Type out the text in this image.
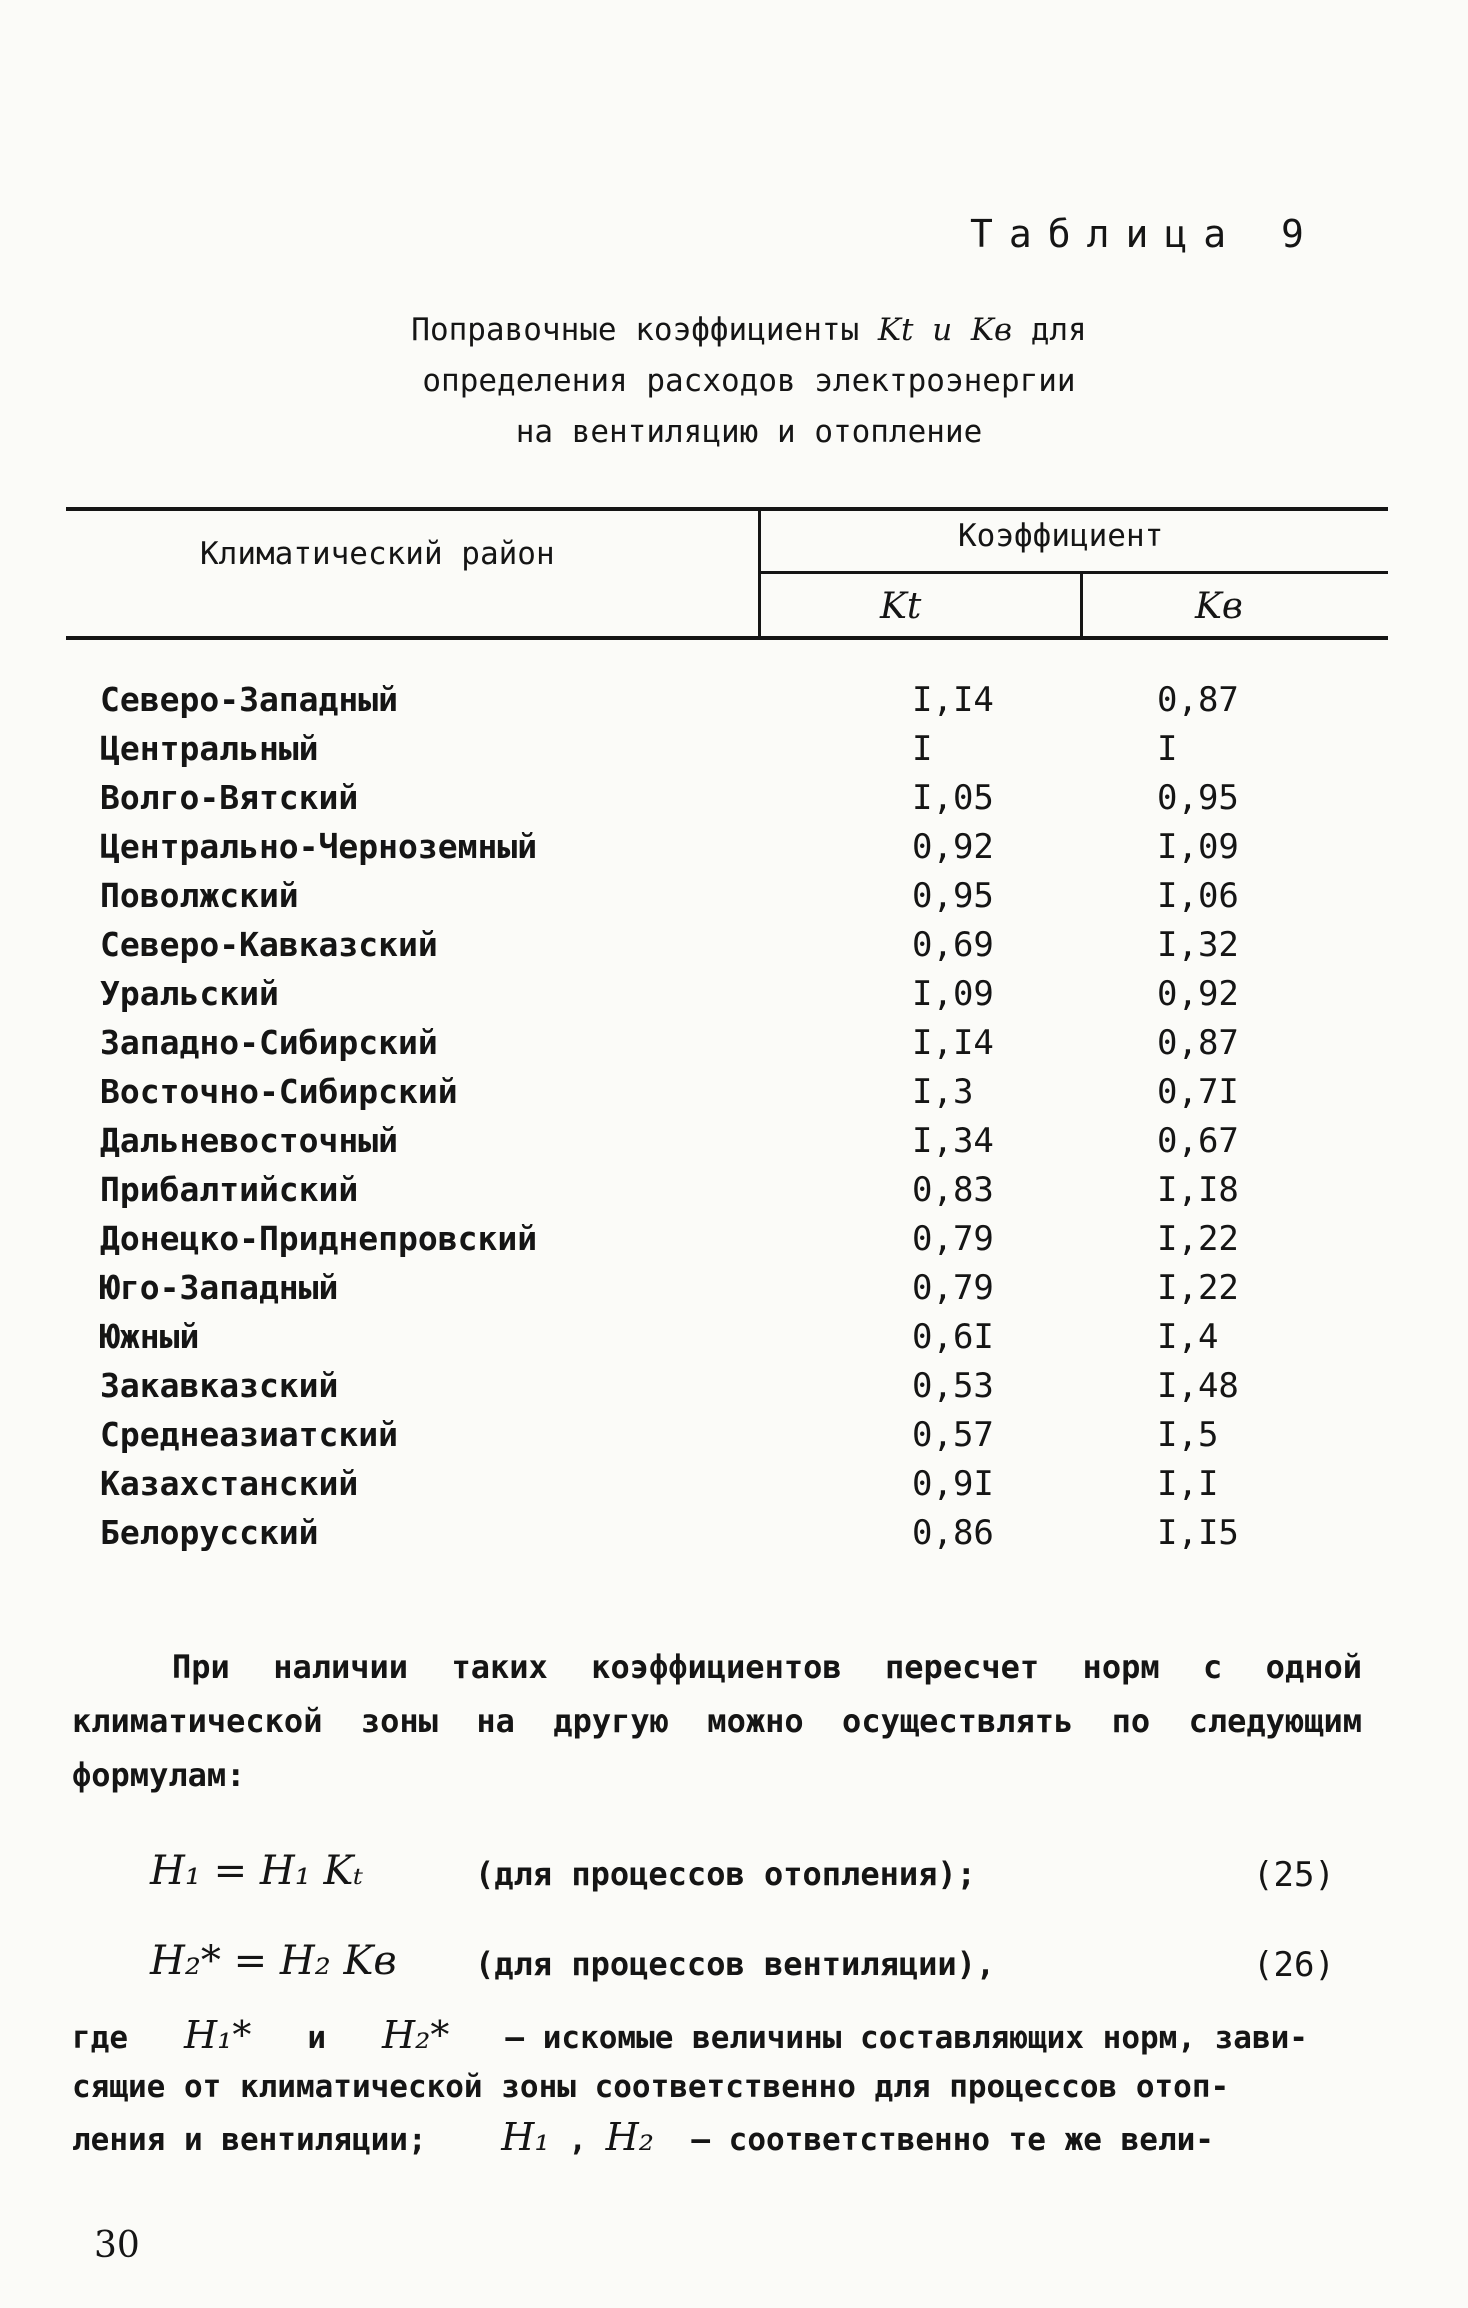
Таблица 9
Поправочные коэффициенты Kt и Kв для
определения расходов электроэнергии
на вентиляцию и отопление
Климатический район	Коэффициент
Kt	Kв
Северо-Западный	I,I4	0,87
Центральный	I	I
Волго-Вятский	I,05	0,95
Центрально-Черноземный	0,92	I,09
Поволжский	0,95	I,06
Северо-Кавказский	0,69	I,32
Уральский	I,09	0,92
Западно-Сибирский	I,I4	0,87
Восточно-Сибирский	I,3	0,7I
Дальневосточный	I,34	0,67
Прибалтийский	0,83	I,I8
Донецко-Приднепровский	0,79	I,22
Юго-Западный	0,79	I,22
Южный	0,6I	I,4
Закавказский	0,53	I,48
Среднеазиатский	0,57	I,5
Казахстанский	0,9I	I,I
Белорусский	0,86	I,I5

При наличии таких коэффициентов пересчет норм с одной климатической зоны на другую можно осуществлять по следующим формулам:

H₁ = H₁ Kₜ	(для процессов отопления);	(25)
H₂* = H₂ Kв (для процессов вентиляции),	(26)
где H₁* и H₂* – искомые величины составляющих норм, зави-
сящие от климатической зоны соответственно для процессов отоп-
ления и вентиляции; H₁ , H₂ – соответственно те же вели-
30
